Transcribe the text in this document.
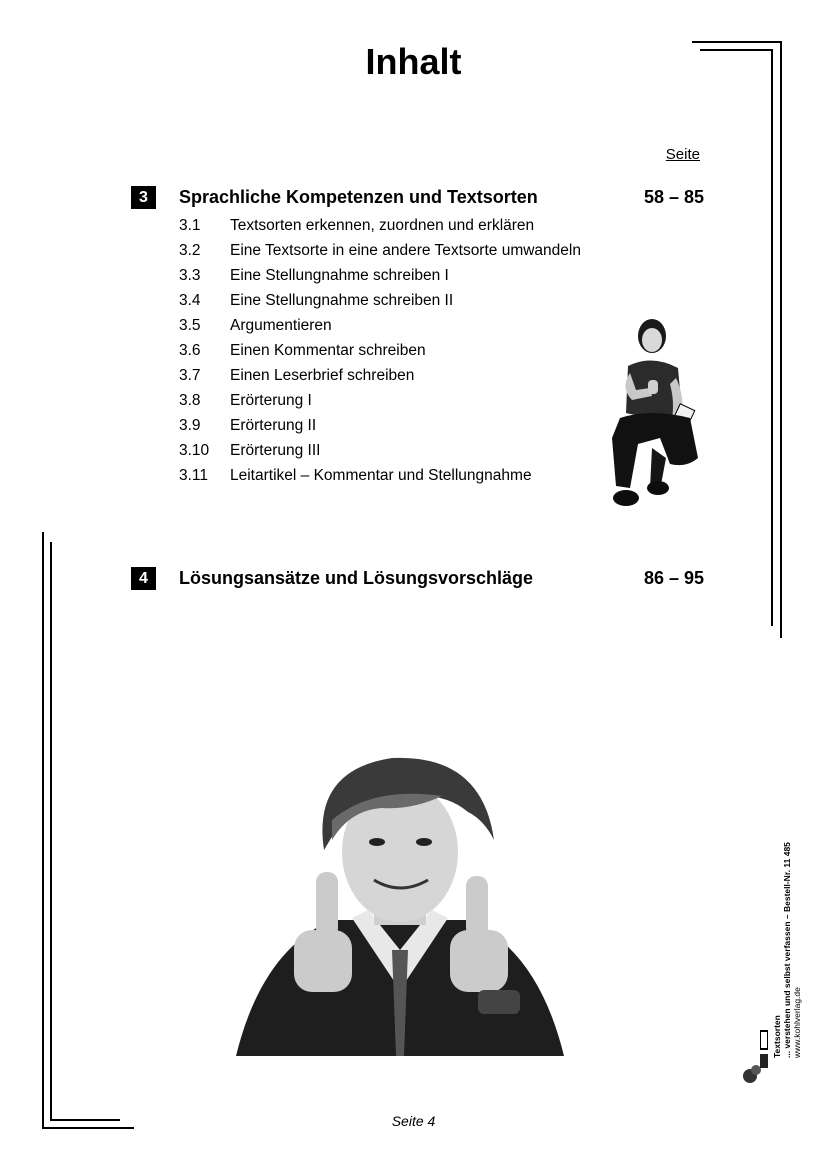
Inhalt
Seite
3	Sprachliche Kompetenzen und Textsorten	58 – 85
3.1 Textsorten erkennen, zuordnen und erklären
3.2 Eine Textsorte in eine andere Textsorte umwandeln
3.3 Eine Stellungnahme schreiben I
3.4 Eine Stellungnahme schreiben II
3.5 Argumentieren
3.6 Einen Kommentar schreiben
3.7 Einen Leserbrief schreiben
3.8 Erörterung I
3.9 Erörterung II
3.10 Erörterung III
3.11 Leitartikel – Kommentar und Stellungnahme
4	Lösungsansätze und Lösungsvorschläge	86 – 95
Textsorten ... verstehen und selbst verfassen – Bestell-Nr. 11 485 www.kohlverlag.de
Seite 4
